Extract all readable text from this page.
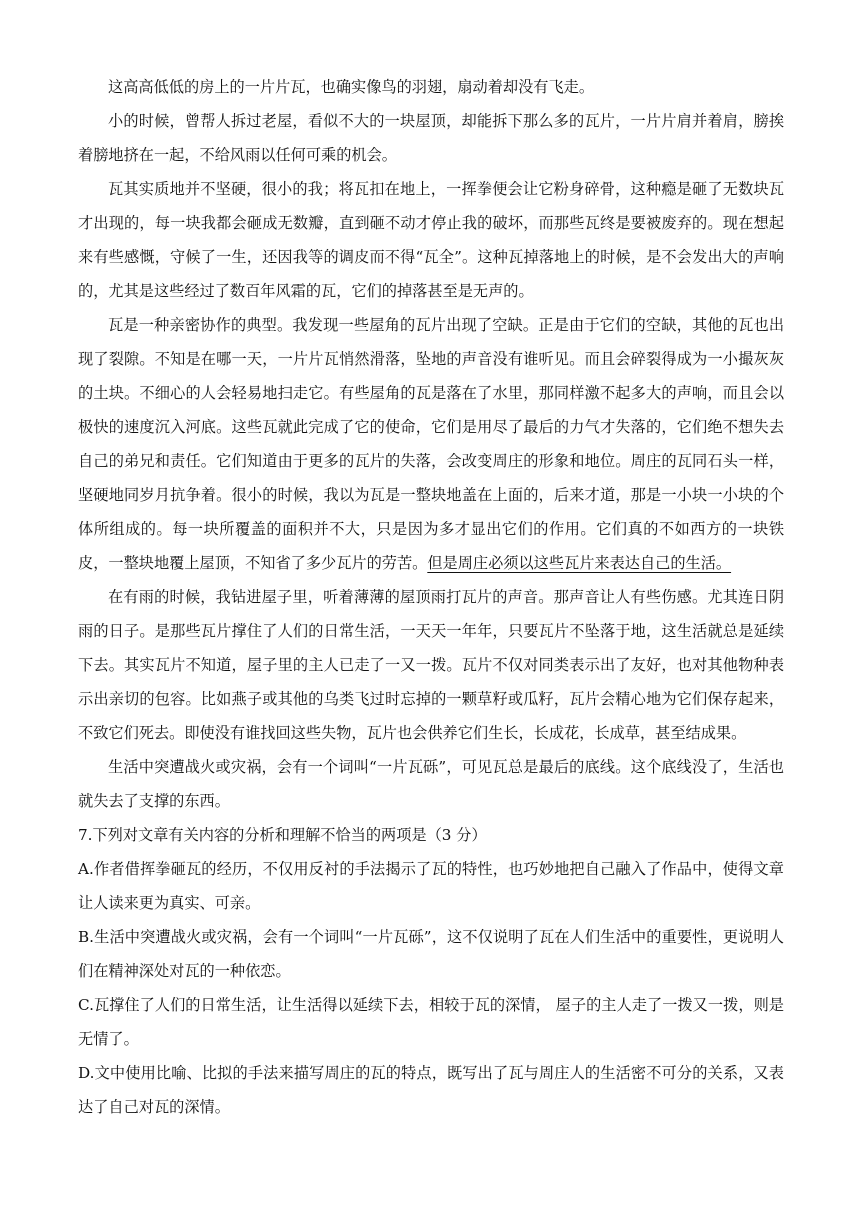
这高高低低的房上的一片片瓦，也确实像鸟的羽翅，扇动着却没有飞走。

小的时候，曾帮人拆过老屋，看似不大的一块屋顶，却能拆下那么多的瓦片，一片片肩并着肩，膀挨着膀地挤在一起，不给风雨以任何可乘的机会。

瓦其实质地并不坚硬，很小的我；将瓦扣在地上，一挥拳便会让它粉身碎骨，这种瘾是砸了无数块瓦才出现的，每一块我都会砸成无数瓣，直到砸不动才停止我的破坏，而那些瓦终是要被废弃的。现在想起来有些感慨，守候了一生，还因我等的调皮而不得“瓦全”。这种瓦掉落地上的时候，是不会发出大的声响的，尤其是这些经过了数百年风霜的瓦，它们的掉落甚至是无声的。

瓦是一种亲密协作的典型。我发现一些屋角的瓦片出现了空缺。正是由于它们的空缺，其他的瓦也出现了裂隙。不知是在哪一天，一片片瓦悄然滑落，坠地的声音没有谁听见。而且会碎裂得成为一小撮灰灰的土块。不细心的人会轻易地扫走它。有些屋角的瓦是落在了水里，那同样激不起多大的声响，而且会以极快的速度沉入河底。这些瓦就此完成了它的使命，它们是用尽了最后的力气才失落的，它们绝不想失去自己的弟兄和责任。它们知道由于更多的瓦片的失落，会改变周庄的形象和地位。周庄的瓦同石头一样，坚硬地同岁月抗争着。很小的时候，我以为瓦是一整块地盖在上面的，后来才道，那是一小块一小块的个体所组成的。每一块所覆盖的面积并不大，只是因为多才显出它们的作用。它们真的不如西方的一块铁皮，一整块地覆上屋顶，不知省了多少瓦片的劳苦。但是周庄必须以这些瓦片来表达自己的生活。

在有雨的时候，我钻进屋子里，听着薄薄的屋顶雨打瓦片的声音。那声音让人有些伤感。尤其连日阴雨的日子。是那些瓦片撑住了人们的日常生活，一天天一年年，只要瓦片不坠落于地，这生活就总是延续下去。其实瓦片不知道，屋子里的主人已走了一又一拨。瓦片不仅对同类表示出了友好，也对其他物种表示出亲切的包容。比如燕子或其他的乌类飞过时忘掉的一颗草籽或瓜籽，瓦片会精心地为它们保存起来，不致它们死去。即使没有谁找回这些失物，瓦片也会供养它们生长，长成花，长成草，甚至结成果。

生活中突遭战火或灾祸，会有一个词叫“一片瓦砾”，可见瓦总是最后的底线。这个底线没了，生活也就失去了支撑的东西。

7.下列对文章有关内容的分析和理解不恰当的两项是（3 分）

A.作者借挥拳砸瓦的经历，不仅用反衬的手法揭示了瓦的特性，也巧妙地把自己融入了作品中，使得文章让人读来更为真实、可亲。

B.生活中突遭战火或灾祸，会有一个词叫“一片瓦砾”，这不仅说明了瓦在人们生活中的重要性，更说明人们在精神深处对瓦的一种依恋。

C.瓦撑住了人们的日常生活，让生活得以延续下去，相较于瓦的深情， 屋子的主人走了一拨又一拨，则是无情了。

D.文中使用比喻、比拟的手法来描写周庄的瓦的特点，既写出了瓦与周庄人的生活密不可分的关系，又表达了自己对瓦的深情。
